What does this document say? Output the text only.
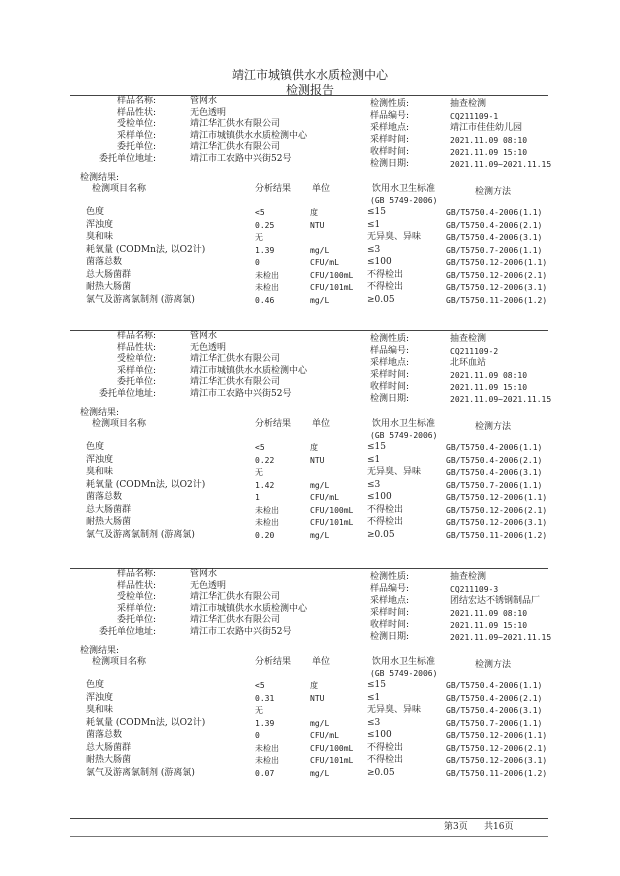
靖江市城镇供水水质检测中心
检测报告
样品名称:	管网水
样品性状:	无色透明
受检单位:	靖江华汇供水有限公司
采样单位:	靖江市城镇供水水质检测中心
委托单位:	靖江华汇供水有限公司
委托单位地址:	靖江市工农路中兴街52号
检测性质:	抽查检测
样品编号:	CQ211109-1
采样地点:	靖江市佳佳幼儿园
采样时间:	2021.11.09 08:10
收样时间:	2021.11.09 15:10
检测日期:	2021.11.09~2021.11.15
检测结果:
检测项目名称	分析结果 单位	饮用水卫生标准
(GB 5749-2006)
检测方法
色度	<5	度	≤15	GB/T5750.4-2006(1.1)
浑浊度	0.25	NTU	≤1	GB/T5750.4-2006(2.1)
臭和味	无	无异臭、异味	GB/T5750.4-2006(3.1)
耗氧量 (CODMn法, 以O2计)	1.39	mg/L	≤3	GB/T5750.7-2006(1.1)
菌落总数	0	CFU/mL	≤100	GB/T5750.12-2006(1.1)
总大肠菌群	未检出	CFU/100mL 不得检出	GB/T5750.12-2006(2.1)
耐热大肠菌	未检出	CFU/101mL 不得检出	GB/T5750.12-2006(3.1)
氯气及游离氯制剂 (游离氯)	0.46	mg/L	≥0.05	GB/T5750.11-2006(1.2)
样品名称:	管网水
样品性状:	无色透明
受检单位:	靖江华汇供水有限公司
采样单位:	靖江市城镇供水水质检测中心
委托单位:	靖江华汇供水有限公司
委托单位地址:	靖江市工农路中兴街52号
检测性质:	抽查检测
样品编号:	CQ211109-2
采样地点:	北环血站
采样时间:	2021.11.09 08:10
收样时间:	2021.11.09 15:10
检测日期:	2021.11.09~2021.11.15
检测结果:
检测项目名称	分析结果 单位	饮用水卫生标准
(GB 5749-2006)
检测方法
色度	<5	度	≤15	GB/T5750.4-2006(1.1)
浑浊度	0.22	NTU	≤1	GB/T5750.4-2006(2.1)
臭和味	无	无异臭、异味	GB/T5750.4-2006(3.1)
耗氧量 (CODMn法, 以O2计)	1.42	mg/L	≤3	GB/T5750.7-2006(1.1)
菌落总数	1	CFU/mL	≤100	GB/T5750.12-2006(1.1)
总大肠菌群	未检出	CFU/100mL 不得检出	GB/T5750.12-2006(2.1)
耐热大肠菌	未检出	CFU/101mL 不得检出	GB/T5750.12-2006(3.1)
氯气及游离氯制剂 (游离氯)	0.20	mg/L	≥0.05	GB/T5750.11-2006(1.2)
样品名称:	管网水
样品性状:	无色透明
受检单位:	靖江华汇供水有限公司
采样单位:	靖江市城镇供水水质检测中心
委托单位:	靖江华汇供水有限公司
委托单位地址:	靖江市工农路中兴街52号
检测性质:	抽查检测
样品编号:	CQ211109-3
采样地点:	团结宏达不锈钢制品厂
采样时间:	2021.11.09 08:10
收样时间:	2021.11.09 15:10
检测日期:	2021.11.09~2021.11.15
检测结果:
检测项目名称	分析结果 单位	饮用水卫生标准
(GB 5749-2006)
检测方法
色度	<5	度	≤15	GB/T5750.4-2006(1.1)
浑浊度	0.31	NTU	≤1	GB/T5750.4-2006(2.1)
臭和味	无	无异臭、异味	GB/T5750.4-2006(3.1)
耗氧量 (CODMn法, 以O2计)	1.39	mg/L	≤3	GB/T5750.7-2006(1.1)
菌落总数	0	CFU/mL	≤100	GB/T5750.12-2006(1.1)
总大肠菌群	未检出	CFU/100mL 不得检出	GB/T5750.12-2006(2.1)
耐热大肠菌	未检出	CFU/101mL 不得检出	GB/T5750.12-2006(3.1)
氯气及游离氯制剂 (游离氯)	0.07	mg/L	≥0.05	GB/T5750.11-2006(1.2)
第3页 共16页
